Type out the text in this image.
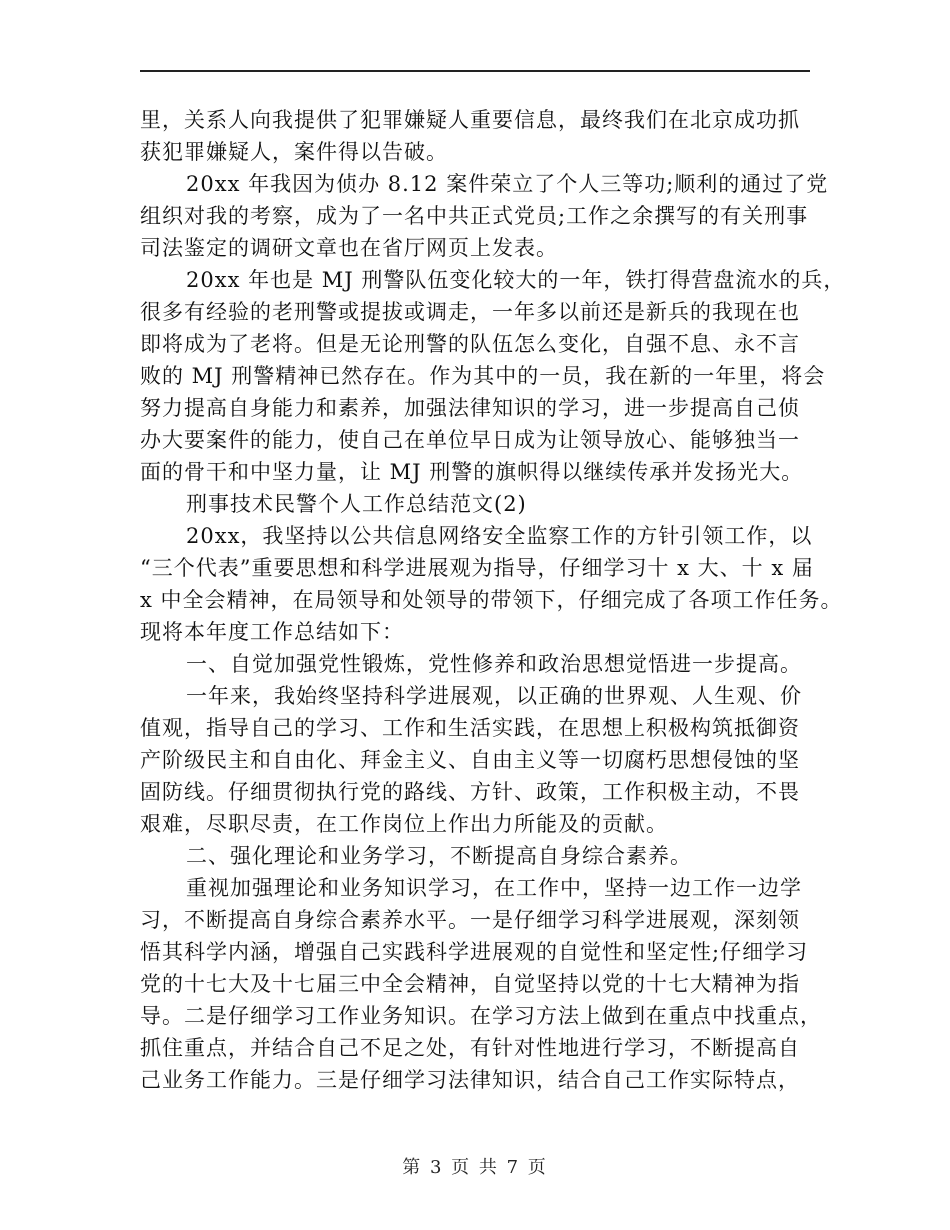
里，关系人向我提供了犯罪嫌疑人重要信息，最终我们在北京成功抓
获犯罪嫌疑人，案件得以告破。
20xx 年我因为侦办 8.12 案件荣立了个人三等功;顺利的通过了党
组织对我的考察，成为了一名中共正式党员;工作之余撰写的有关刑事
司法鉴定的调研文章也在省厅网页上发表。
20xx 年也是 MJ 刑警队伍变化较大的一年，铁打得营盘流水的兵，
很多有经验的老刑警或提拔或调走，一年多以前还是新兵的我现在也
即将成为了老将。但是无论刑警的队伍怎么变化，自强不息、永不言
败的 MJ 刑警精神已然存在。作为其中的一员，我在新的一年里，将会
努力提高自身能力和素养，加强法律知识的学习，进一步提高自己侦
办大要案件的能力，使自己在单位早日成为让领导放心、能够独当一
面的骨干和中坚力量，让 MJ 刑警的旗帜得以继续传承并发扬光大。
刑事技术民警个人工作总结范文(2)
20xx，我坚持以公共信息网络安全监察工作的方针引领工作，以
“三个代表”重要思想和科学进展观为指导，仔细学习十 x 大、十 x 届
x 中全会精神，在局领导和处领导的带领下，仔细完成了各项工作任务。
现将本年度工作总结如下：
一、自觉加强党性锻炼，党性修养和政治思想觉悟进一步提高。
一年来，我始终坚持科学进展观，以正确的世界观、人生观、价
值观，指导自己的学习、工作和生活实践，在思想上积极构筑抵御资
产阶级民主和自由化、拜金主义、自由主义等一切腐朽思想侵蚀的坚
固防线。仔细贯彻执行党的路线、方针、政策，工作积极主动，不畏
艰难，尽职尽责，在工作岗位上作出力所能及的贡献。
二、强化理论和业务学习，不断提高自身综合素养。
重视加强理论和业务知识学习，在工作中，坚持一边工作一边学
习，不断提高自身综合素养水平。一是仔细学习科学进展观，深刻领
悟其科学内涵，增强自己实践科学进展观的自觉性和坚定性;仔细学习
党的十七大及十七届三中全会精神，自觉坚持以党的十七大精神为指
导。二是仔细学习工作业务知识。在学习方法上做到在重点中找重点，
抓住重点，并结合自己不足之处，有针对性地进行学习，不断提高自
己业务工作能力。三是仔细学习法律知识，结合自己工作实际特点，
第 3 页 共 7 页
